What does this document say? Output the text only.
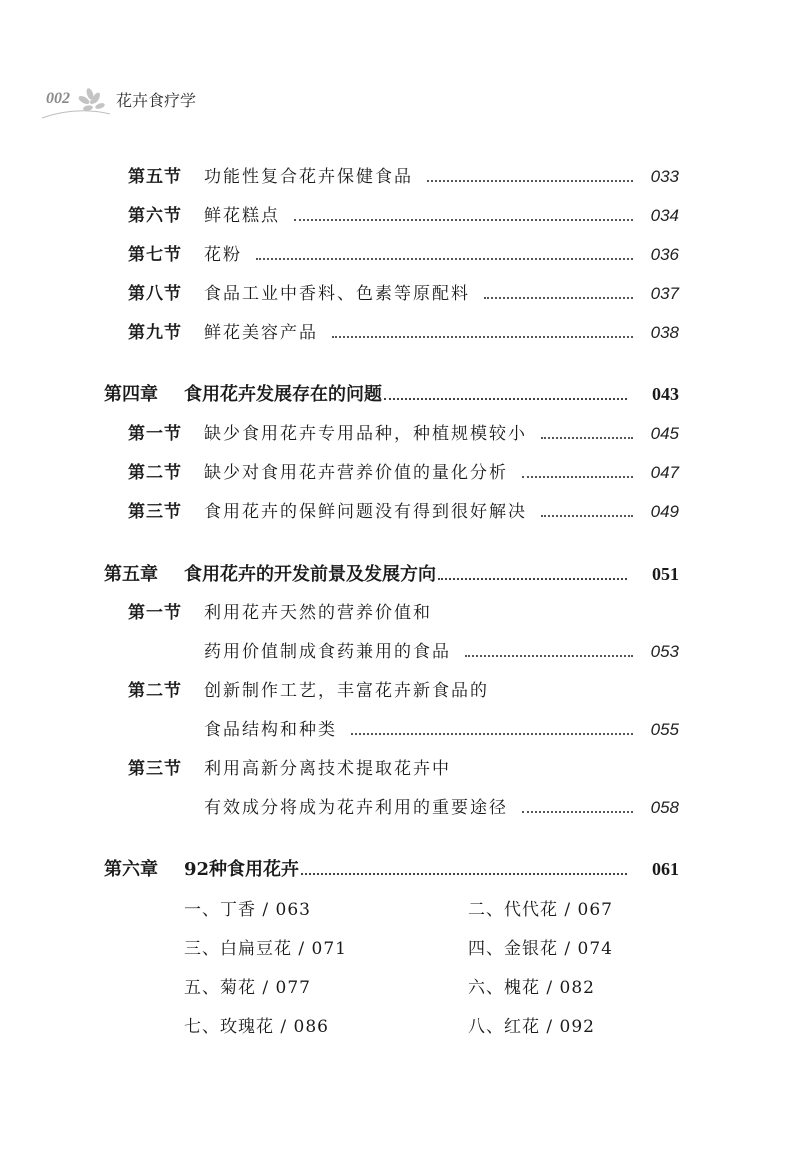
002	花卉食疗学
第五节	功能性复合花卉保健食品	033
第六节	鲜花糕点	034
第七节	花粉	036
第八节	食品工业中香料、色素等原配料	037
第九节	鲜花美容产品	038
第四章	食用花卉发展存在的问题	043
第一节	缺少食用花卉专用品种，种植规模较小	045
第二节	缺少对食用花卉营养价值的量化分析	047
第三节	食用花卉的保鲜问题没有得到很好解决	049
第五章	食用花卉的开发前景及发展方向	051
第一节	利用花卉天然的营养价值和
药用价值制成食药兼用的食品	053
第二节	创新制作工艺，丰富花卉新食品的
食品结构和种类	055
第三节	利用高新分离技术提取花卉中
有效成分将成为花卉利用的重要途径	058
第六章	92种食用花卉	061
一、丁香 / 063	二、代代花 / 067
三、白扁豆花 / 071	四、金银花 / 074
五、菊花 / 077	六、槐花 / 082
七、玫瑰花 / 086	八、红花 / 092
